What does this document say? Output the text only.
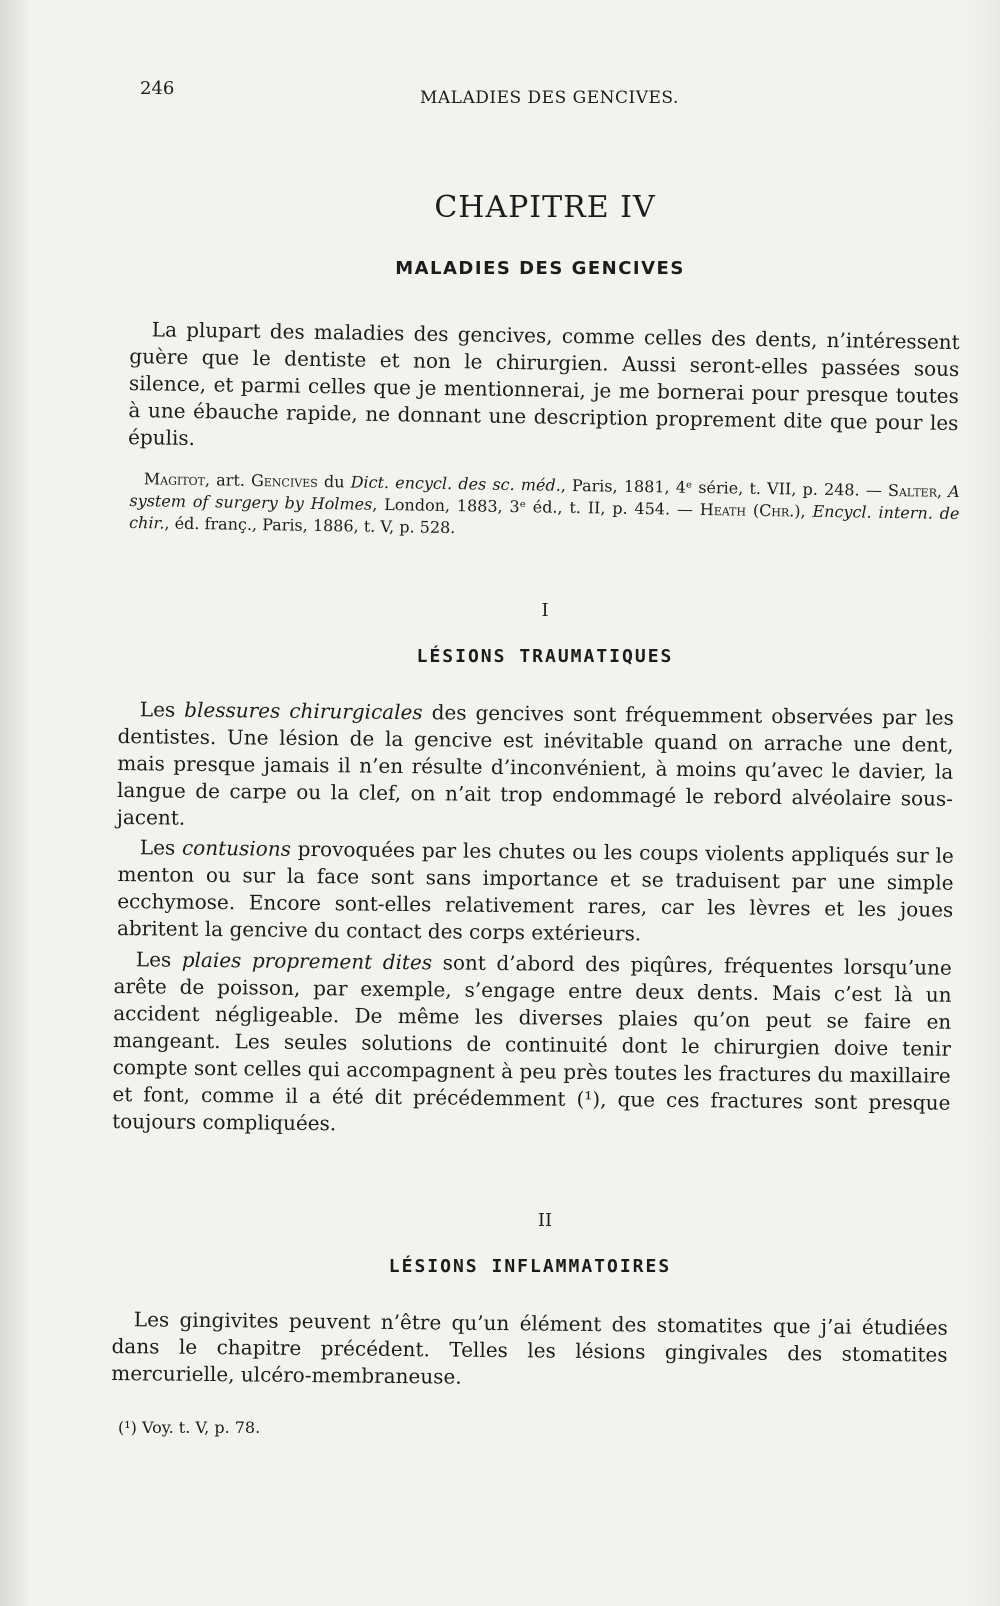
246	MALADIES DES GENCIVES.
CHAPITRE IV
MALADIES DES GENCIVES

La plupart des maladies des gencives, comme celles des dents, n’intéressent guère que le dentiste et non le chirurgien. Aussi seront-elles passées sous silence, et parmi celles que je mentionnerai, je me bornerai pour presque toutes à une ébauche rapide, ne donnant une description proprement dite que pour les épulis.

Magitot, art. Gencives du Dict. encycl. des sc. méd., Paris, 1881, 4ᵉ série, t. VII, p. 248. — Salter, A system of surgery by Holmes, London, 1883, 3ᵉ éd., t. II, p. 454. — Heath (Chr.), Encycl. intern. de chir., éd. franç., Paris, 1886, t. V, p. 528.

I
LÉSIONS TRAUMATIQUES

Les blessures chirurgicales des gencives sont fréquemment observées par les dentistes. Une lésion de la gencive est inévitable quand on arrache une dent, mais presque jamais il n’en résulte d’inconvénient, à moins qu’avec le davier, la langue de carpe ou la clef, on n’ait trop endommagé le rebord alvéolaire sous-jacent.

Les contusions provoquées par les chutes ou les coups violents appliqués sur le menton ou sur la face sont sans importance et se traduisent par une simple ecchymose. Encore sont-elles relativement rares, car les lèvres et les joues abritent la gencive du contact des corps extérieurs.

Les plaies proprement dites sont d’abord des piqûres, fréquentes lorsqu’une arête de poisson, par exemple, s’engage entre deux dents. Mais c’est là un accident négligeable. De même les diverses plaies qu’on peut se faire en mangeant. Les seules solutions de continuité dont le chirurgien doive tenir compte sont celles qui accompagnent à peu près toutes les fractures du maxillaire et font, comme il a été dit précédemment (¹), que ces fractures sont presque toujours compliquées.

II
LÉSIONS INFLAMMATOIRES

Les gingivites peuvent n’être qu’un élément des stomatites que j’ai étudiées dans le chapitre précédent. Telles les lésions gingivales des stomatites mercurielle, ulcéro-membraneuse.

(¹) Voy. t. V, p. 78.
